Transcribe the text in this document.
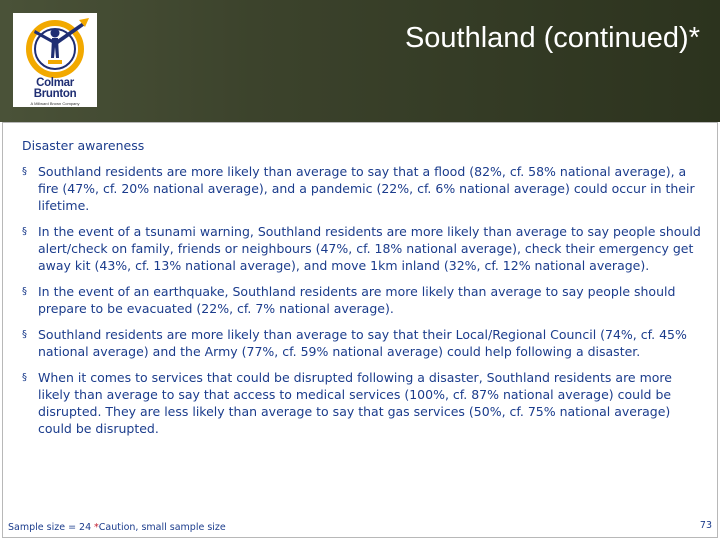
Colmar
Brunton
A Millward Brown Company
Southland (continued)*
Disaster awareness
§ Southland residents are more likely than average to say that a flood (82%, cf. 58% national average), a fire (47%, cf. 20% national average), and a pandemic (22%, cf. 6% national average) could occur in their lifetime.
§ In the event of a tsunami warning, Southland residents are more likely than average to say people should alert/check on family, friends or neighbours (47%, cf. 18% national average), check their emergency get away kit (43%, cf. 13% national average), and move 1km inland (32%, cf. 12% national average).
§ In the event of an earthquake, Southland residents are more likely than average to say people should prepare to be evacuated (22%, cf. 7% national average).
§ Southland residents are more likely than average to say that their Local/Regional Council (74%, cf. 45% national average) and the Army (77%, cf. 59% national average) could help following a disaster.
§ When it comes to services that could be disrupted following a disaster, Southland residents are more likely than average to say that access to medical services (100%, cf. 87% national average) could be disrupted. They are less likely than average to say that gas services (50%, cf. 75% national average) could be disrupted.
Sample size = 24 *Caution, small sample size	73
